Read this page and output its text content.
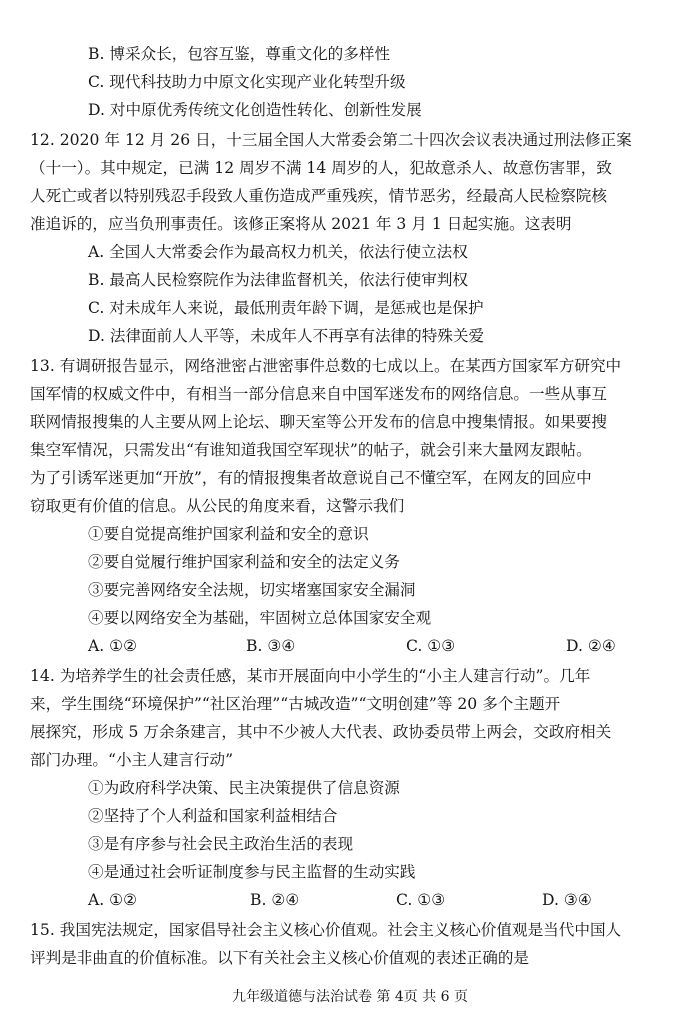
B. 博采众长，包容互鉴，尊重文化的多样性
C. 现代科技助力中原文化实现产业化转型升级
D. 对中原优秀传统文化创造性转化、创新性发展
12. 2020 年 12 月 26 日，十三届全国人大常委会第二十四次会议表决通过刑法修正案
（十一）。其中规定，已满 12 周岁不满 14 周岁的人，犯故意杀人、故意伤害罪，致
人死亡或者以特别残忍手段致人重伤造成严重残疾，情节恶劣，经最高人民检察院核
准追诉的，应当负刑事责任。该修正案将从 2021 年 3 月 1 日起实施。这表明
A. 全国人大常委会作为最高权力机关，依法行使立法权
B. 最高人民检察院作为法律监督机关，依法行使审判权
C. 对未成年人来说，最低刑责年龄下调，是惩戒也是保护
D. 法律面前人人平等，未成年人不再享有法律的特殊关爱
13. 有调研报告显示，网络泄密占泄密事件总数的七成以上。在某西方国家军方研究中
国军情的权威文件中，有相当一部分信息来自中国军迷发布的网络信息。一些从事互
联网情报搜集的人主要从网上论坛、聊天室等公开发布的信息中搜集情报。如果要搜
集空军情况，只需发出“有谁知道我国空军现状”的帖子，就会引来大量网友跟帖。
为了引诱军迷更加“开放”，有的情报搜集者故意说自己不懂空军，在网友的回应中
窃取更有价值的信息。从公民的角度来看，这警示我们
①要自觉提高维护国家利益和安全的意识
②要自觉履行维护国家利益和安全的法定义务
③要完善网络安全法规，切实堵塞国家安全漏洞
④要以网络安全为基础，牢固树立总体国家安全观
A. ①②	B. ③④	C. ①③	D. ②④
14. 为培养学生的社会责任感，某市开展面向中小学生的“小主人建言行动”。几年
来，学生围绕“环境保护”“社区治理”“古城改造”“文明创建”等 20 多个主题开
展探究，形成 5 万余条建言，其中不少被人大代表、政协委员带上两会，交政府相关
部门办理。“小主人建言行动”
①为政府科学决策、民主决策提供了信息资源
②坚持了个人利益和国家利益相结合
③是有序参与社会民主政治生活的表现
④是通过社会听证制度参与民主监督的生动实践
A. ①②	B. ②④	C. ①③	D. ③④
15. 我国宪法规定，国家倡导社会主义核心价值观。社会主义核心价值观是当代中国人
评判是非曲直的价值标准。以下有关社会主义核心价值观的表述正确的是
九年级道德与法治试卷 第 4页 共 6 页
